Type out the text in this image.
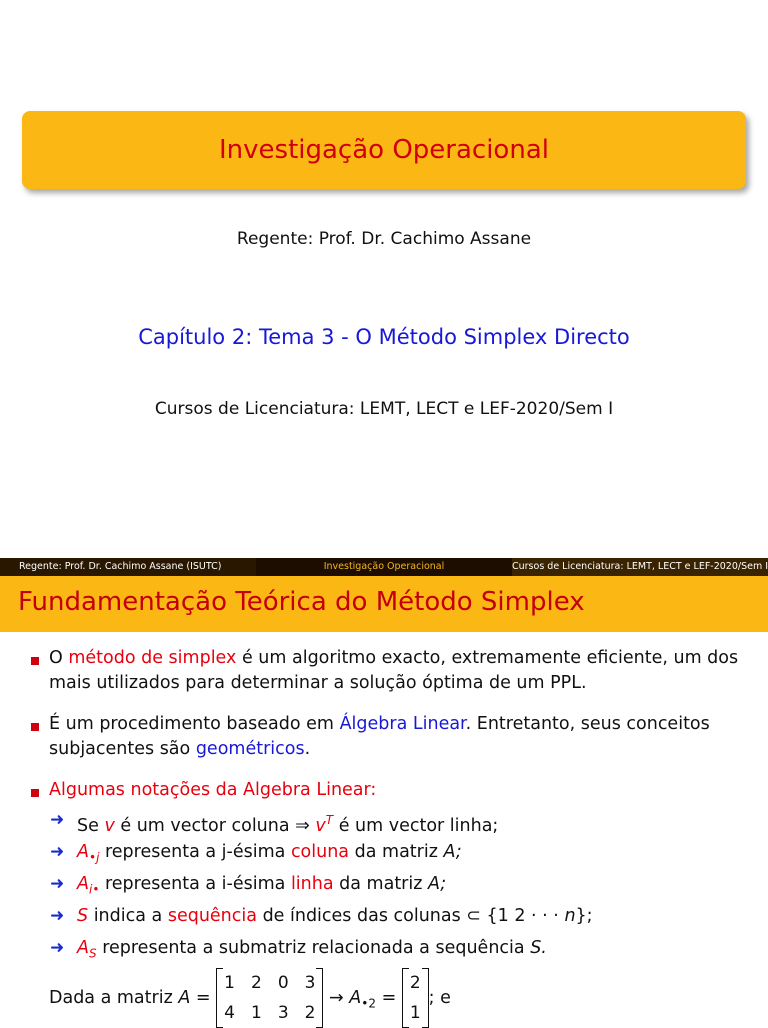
Investigação Operacional
Regente: Prof. Dr. Cachimo Assane
Capítulo 2: Tema 3 - O Método Simplex Directo
Cursos de Licenciatura: LEMT, LECT e LEF-2020/Sem I
Regente: Prof. Dr. Cachimo Assane (ISUTC)	Investigação Operacional	Cursos de Licenciatura: LEMT, LECT e LEF-2020/Sem I
Fundamentação Teórica do Método Simplex
O método de simplex é um algoritmo exacto, extremamente eficiente, um dos
mais utilizados para determinar a solução óptima de um PPL.
É um procedimento baseado em Álgebra Linear. Entretanto, seus conceitos
subjacentes são geométricos.
Algumas notações da Algebra Linear:
➜ Se v é um vector coluna ⇒ $v^T$ é um vector linha;
➜ $A_{•j}$ representa a j-ésima coluna da matriz A;
➜ $A_{i•}$ representa a i-ésima linha da matriz A;
➜ S indica a sequência de índices das colunas ⊂ {1 2 · · · n};
➜ $A_S$ representa a submatriz relacionada a sequência S.
Dada a matriz A =
1	2	0	3
4	1	3	2
→ $A_{•2}$ =
2
1
; e
